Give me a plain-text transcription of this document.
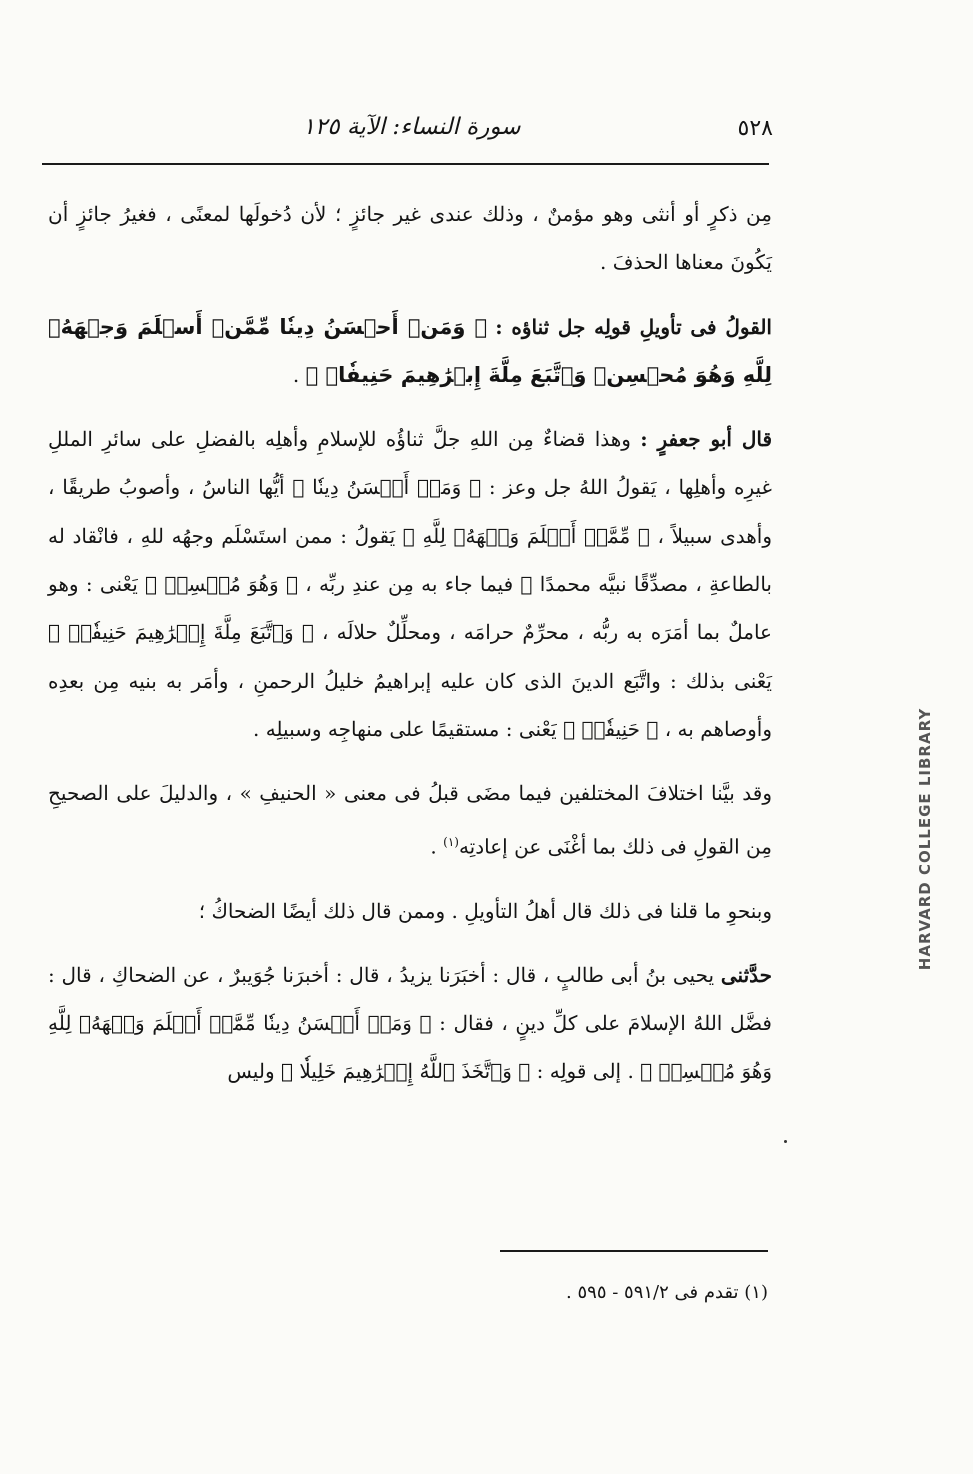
٥٢٨
سورة النساء: الآية ١٢٥

مِن ذكرٍ أو أنثى وهو مؤمنٌ ، وذلك عندى غير جائزٍ ؛ لأن دُخولَها لمعنًى ، فغيرُ جائزٍ أن يَكُونَ معناها الحذفَ .

القولُ فى تأويلِ قولِه جل ثناؤه : ﴿ وَمَنۡ أَحۡسَنُ دِينٗا مِّمَّنۡ أَسۡلَمَ وَجۡهَهُۥ لِلَّهِ وَهُوَ مُحۡسِنٞ وَٱتَّبَعَ مِلَّةَ إِبۡرَٰهِيمَ حَنِيفٗاۗ ﴾ .

قال أبو جعفرٍ : وهذا قضاءٌ مِن اللهِ جلَّ ثناؤُه للإسلامِ وأهلِه بالفضلِ على سائرِ المللِ غيرِه وأهلِها ، يَقولُ اللهُ جل وعز : ﴿ وَمَنۡ أَحۡسَنُ دِينٗا ﴾ أيُّها الناسُ ، وأصوبُ طريقًا ، وأهدى سبيلاً ، ﴿ مِّمَّنۡ أَسۡلَمَ وَجۡهَهُۥ لِلَّهِ ﴾ يَقولُ : ممن استَسْلَم وجهُه للهِ ، فانْقاد له بالطاعةِ ، مصدِّقًا نبيَّه محمدًا ﷺ فيما جاء به مِن عندِ ربِّه ، ﴿ وَهُوَ مُحۡسِنٞ ﴾ يَعْنى : وهو عاملٌ بما أمَرَه به ربُّه ، محرِّمٌ حرامَه ، ومحلِّلٌ حلالَه ، ﴿ وَٱتَّبَعَ مِلَّةَ إِبۡرَٰهِيمَ حَنِيفٗاۗ ﴾ يَعْنى بذلك : واتَّبَع الدينَ الذى كان عليه إبراهيمُ خليلُ الرحمنِ ، وأمَر به بنيه مِن بعدِه وأوصاهم به ، ﴿ حَنِيفٗاۗ ﴾ يَعْنى : مستقيمًا على منهاجِه وسبيلِه .

وقد بيَّنا اختلافَ المختلفين فيما مضَى قبلُ فى معنى « الحنيفِ » ، والدليلَ على الصحيحِ مِن القولِ فى ذلك بما أغْنَى عن إعادتِه$^{(١)}$ .

وبنحوِ ما قلنا فى ذلك قال أهلُ التأويلِ . وممن قال ذلك أيضًا الضحاكُ ؛

حدَّثنى يحيى بنُ أبى طالبٍ ، قال : أخبَرَنا يزيدُ ، قال : أخبرَنا جُوَيبرٌ ، عن الضحاكِ ، قال : فضَّل اللهُ الإسلامَ على كلِّ دينٍ ، فقال : ﴿ وَمَنۡ أَحۡسَنُ دِينٗا مِّمَّنۡ أَسۡلَمَ وَجۡهَهُۥ لِلَّهِ وَهُوَ مُحۡسِنٞ ﴾ . إلى قولِه : ﴿ وَٱتَّخَذَ ٱللَّهُ إِبۡرَٰهِيمَ خَلِيلٗا ﴾ وليس

(١) تقدم فى ٥٩١/٢ - ٥٩٥ .
HARVARD COLLEGE LIBRARY
